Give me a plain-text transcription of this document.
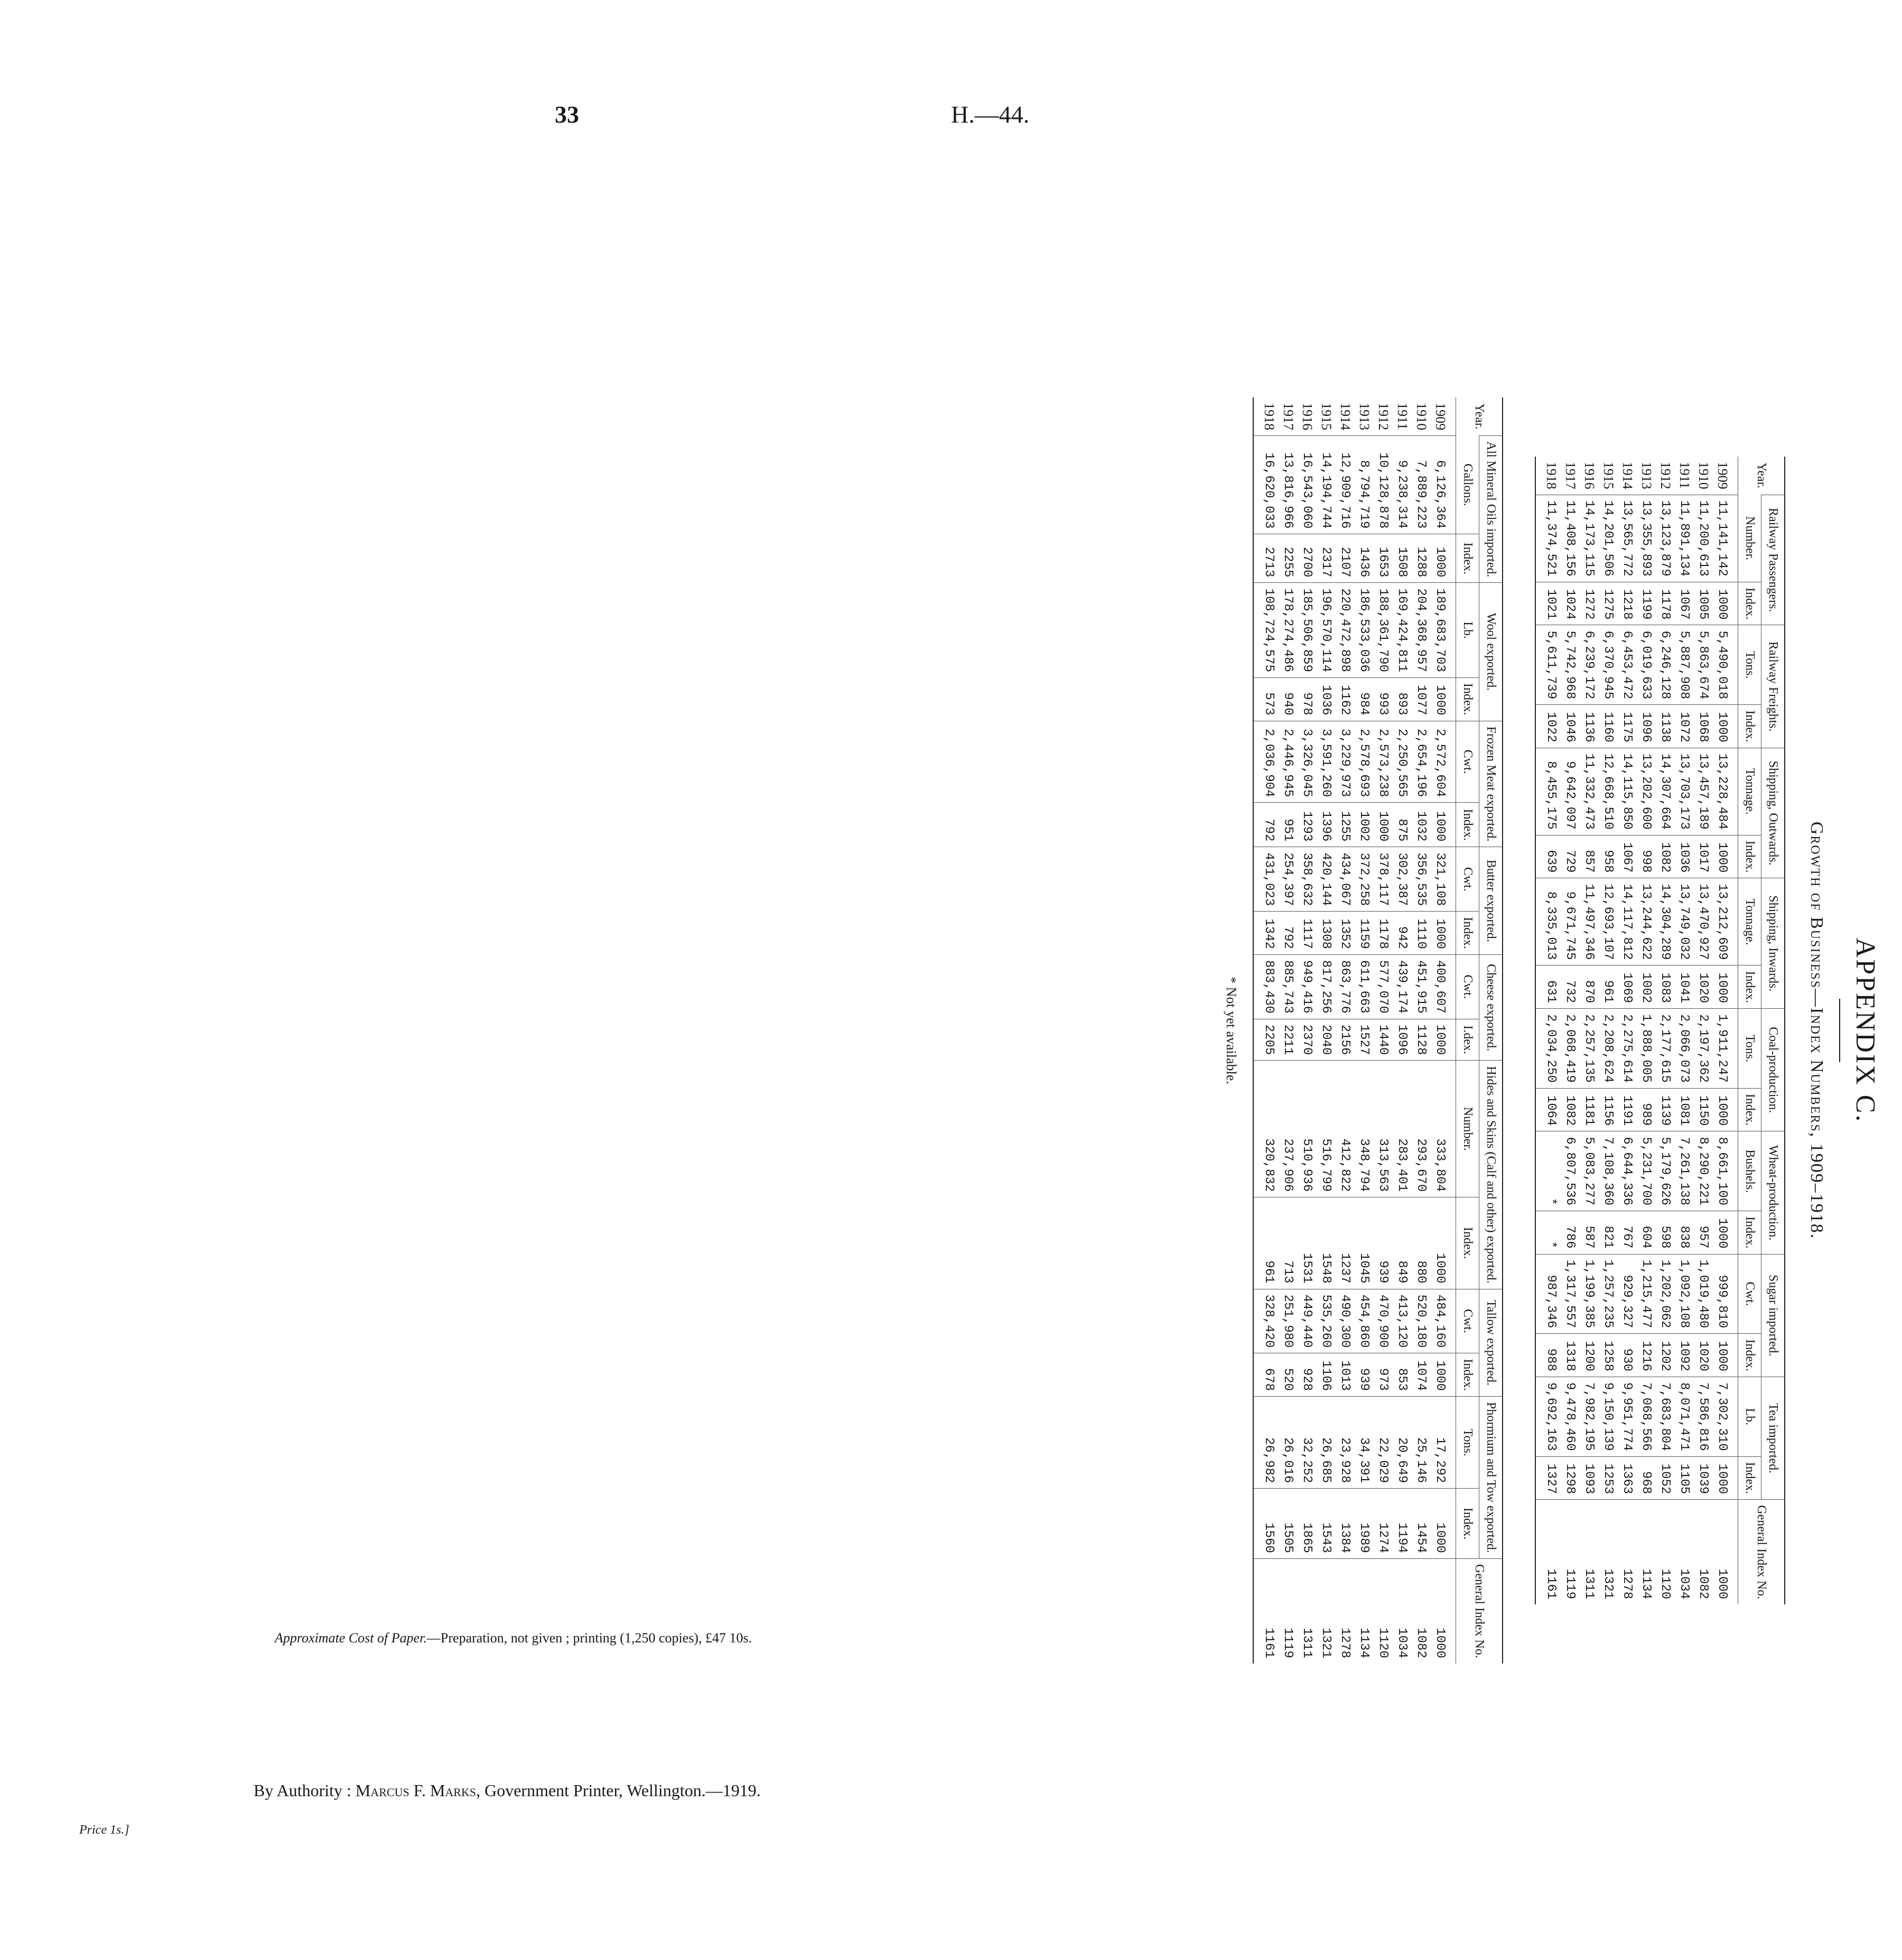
33	H.—44.
APPENDIX C.
Growth of Business—Index Numbers, 1909–1918.
Year.	Railway Passengers.		Railway Freights.		Shipping, Outwards.		Shipping, Inwards.		Coal-production.		Wheat-production.		Sugar imported.		Tea imported.		General Index No.
	Number.	Index.	Tons.	Index.	Tonnage.	Index.	Tonnage.	Index.	Tons.	Index.	Bushels.	Index.	Cwt.	Index.	Lb.	Index.	
1909	11,141,142	1000	5,490,018	1000	13,228,484	1000	13,212,609	1000	1,911,247	1000	8,661,100	1000	999,810	1000	7,302,310	1000	1000
1910	11,200,613	1005	5,863,674	1068	13,457,189	1017	13,470,927	1020	2,197,362	1150	8,290,221	957	1,019,480	1020	7,586,816	1039	1082
1911	11,891,134	1067	5,887,908	1072	13,703,173	1036	13,749,032	1041	2,066,073	1081	7,261,138	838	1,092,108	1092	8,071,471	1105	1034
1912	13,123,879	1178	6,246,128	1138	14,307,664	1082	14,304,289	1083	2,177,615	1139	5,179,626	598	1,202,062	1202	7,683,804	1052	1120
1913	13,355,893	1199	6,019,633	1096	13,202,600	998	13,244,622	1002	1,888,005	989	5,231,700	604	1,215,477	1216	7,068,566	968	1134
1914	13,565,772	1218	6,453,472	1175	14,115,850	1067	14,117,812	1069	2,275,614	1191	6,644,336	767	929,327	930	9,951,774	1363	1278
1915	14,201,506	1275	6,370,945	1160	12,668,510	958	12,693,107	961	2,208,624	1156	7,108,360	821	1,257,235	1258	9,150,139	1253	1321
1916	14,173,115	1272	6,239,172	1136	11,332,473	857	11,497,346	870	2,257,135	1181	5,083,277	587	1,199,385	1200	7,982,195	1093	1311
1917	11,408,156	1024	5,742,968	1046	9,642,097	729	9,671,745	732	2,068,419	1082	6,807,536	786	1,317,557	1318	9,478,460	1298	1119
1918	11,374,521	1021	5,611,739	1022	8,455,175	639	8,335,013	631	2,034,250	1064	*	*	987,346	988	9,692,163	1327	1161
Year.	All Mineral Oils imported.		Wool exported.		Frozen Meat exported.		Butter exported.		Cheese exported.		Hides and Skins (Calf and other) exported.		Tallow exported.		Phormium and Tow exported.		General Index No.
	Gallons.	Index.	Lb.	Index.	Cwt.	Index.	Cwt.	Index.	Cwt.	I.dex.	Number.	Index.	Cwt.	Index.	Tons.	Index.	
1909	6,126,364	1000	189,683,703	1000	2,572,604	1000	321,108	1000	400,607	1000	333,804	1000	484,160	1000	17,292	1000	1000
1910	7,889,223	1288	204,368,957	1077	2,654,196	1032	356,535	1110	451,915	1128	293,670	880	520,180	1074	25,146	1454	1082
1911	9,238,314	1508	169,424,811	893	2,250,565	875	302,387	942	439,174	1096	283,401	849	413,120	853	20,649	1194	1034
1912	10,128,878	1653	188,361,790	993	2,573,238	1000	378,117	1178	577,070	1440	313,563	939	470,900	973	22,029	1274	1120
1913	8,794,719	1436	186,533,036	984	2,578,693	1002	372,258	1159	611,663	1527	348,794	1045	454,860	939	34,391	1989	1134
1914	12,909,716	2107	220,472,898	1162	3,229,973	1255	434,067	1352	863,776	2156	412,822	1237	490,300	1013	23,928	1384	1278
1915	14,194,744	2317	196,570,114	1036	3,591,260	1396	420,144	1308	817,256	2040	516,799	1548	535,260	1106	26,685	1543	1321
1916	16,543,060	2700	185,506,859	978	3,326,045	1293	358,632	1117	949,416	2370	510,936	1531	449,440	928	32,252	1865	1311
1917	13,816,966	2255	178,274,486	940	2,446,945	951	254,397	792	885,743	2211	237,906	713	251,980	520	26,016	1505	1119
1918	16,620,033	2713	108,724,575	573	2,036,904	792	431,023	1342	883,430	2205	320,832	961	328,420	678	26,982	1560	1161
* Not yet available.
Approximate Cost of Paper.—Preparation, not given ; printing (1,250 copies), £47 10s.
By Authority : Marcus F. Marks, Government Printer, Wellington.—1919.
Price 1s.]
